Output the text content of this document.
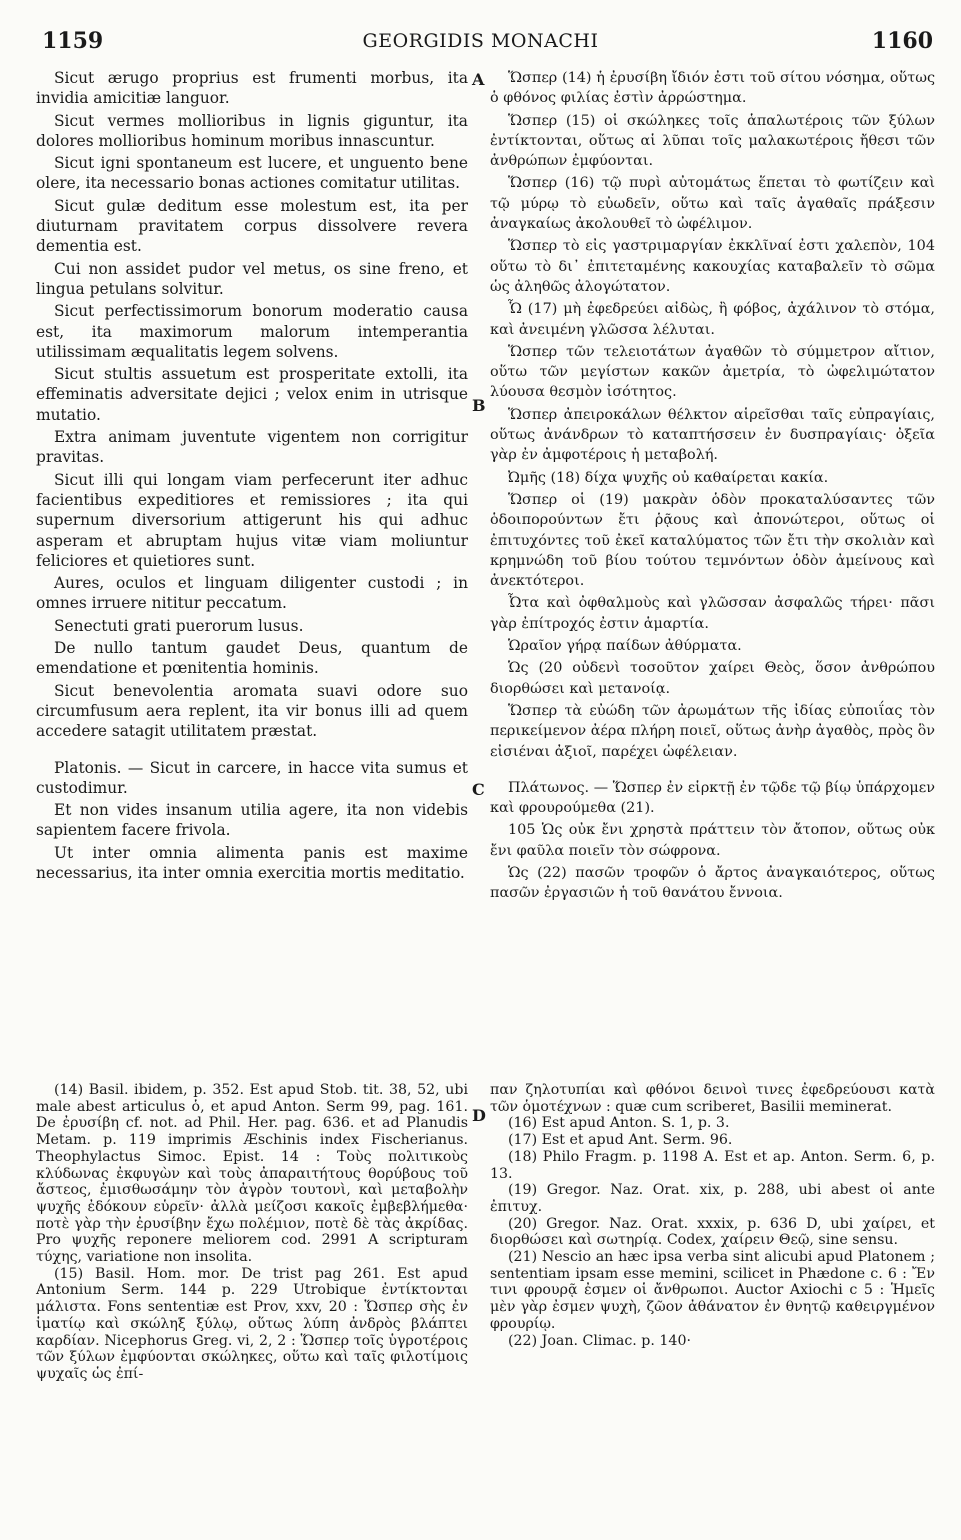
1159	GEORGIDIS MONACHI	1160
A
B
C
D

Sicut ærugo proprius est frumenti morbus, ita invidia amicitiæ languor.

Sicut vermes mollioribus in lignis giguntur, ita dolores mollioribus hominum moribus innascuntur.

Sicut igni spontaneum est lucere, et unguento bene olere, ita necessario bonas actiones comitatur utilitas.

Sicut gulæ deditum esse molestum est, ita per diuturnam pravitatem corpus dissolvere revera dementia est.

Cui non assidet pudor vel metus, os sine freno, et lingua petulans solvitur.

Sicut perfectissimorum bonorum moderatio causa est, ita maximorum malorum intemperantia utilissimam æqualitatis legem solvens.

Sicut stultis assuetum est prosperitate extolli, ita effeminatis adversitate dejici ; velox enim in utrisque mutatio.

Extra animam juventute vigentem non corrigitur pravitas.

Sicut illi qui longam viam perfecerunt iter adhuc facientibus expeditiores et remissiores ; ita qui supernum diversorium attigerunt his qui adhuc asperam et abruptam hujus vitæ viam moliuntur feliciores et quietiores sunt.

Aures, oculos et linguam diligenter custodi ; in omnes irruere nititur peccatum.

Senectuti grati puerorum lusus.

De nullo tantum gaudet Deus, quantum de emendatione et pœnitentia hominis.

Sicut benevolentia aromata suavi odore suo circumfusum aera replent, ita vir bonus illi ad quem accedere satagit utilitatem præstat.

Platonis. — Sicut in carcere, in hacce vita sumus et custodimur.

Et non vides insanum utilia agere, ita non videbis sapientem facere frivola.

Ut inter omnia alimenta panis est maxime necessarius, ita inter omnia exercitia mortis meditatio.

Ὥσπερ (14) ἡ ἐρυσίβη ἴδιόν ἐστι τοῦ σίτου νόσημα, οὕτως ὁ φθόνος φιλίας ἐστὶν ἀρρώστημα.

Ὥσπερ (15) οἱ σκώληκες τοῖς ἁπαλωτέροις τῶν ξύλων ἐντίκτονται, οὕτως αἱ λῦπαι τοῖς μαλακωτέροις ἤθεσι τῶν ἀνθρώπων ἐμφύονται.

Ὥσπερ (16) τῷ πυρὶ αὐτομάτως ἕπεται τὸ φωτίζειν καὶ τῷ μύρῳ τὸ εὐωδεῖν, οὕτω καὶ ταῖς ἀγαθαῖς πράξεσιν ἀναγκαίως ἀκολουθεῖ τὸ ὠφέλιμον.

Ὥσπερ τὸ εἰς γαστριμαργίαν ἐκκλῖναί ἐστι χαλεπὸν, 104 οὕτω τὸ δι᾽ ἐπιτεταμένης κακουχίας καταβαλεῖν τὸ σῶμα ὡς ἀληθῶς ἀλογώτατον.

Ὧ (17) μὴ ἐφεδρεύει αἰδὼς, ἢ φόβος, ἀχάλινον τὸ στόμα, καὶ ἀνειμένη γλῶσσα λέλυται.

Ὥσπερ τῶν τελειοτάτων ἀγαθῶν τὸ σύμμετρον αἴτιον, οὕτω τῶν μεγίστων κακῶν ἀμετρία, τὸ ὠφελιμώτατον λύουσα θεσμὸν ἰσότητος.

Ὥσπερ ἀπειροκάλων θέλκτον αἱρεῖσθαι ταῖς εὐπραγίαις, οὕτως ἀνάνδρων τὸ καταπτήσσειν ἐν δυσπραγίαις· ὀξεῖα γὰρ ἐν ἀμφοτέροις ἡ μεταβολή.

Ὠμῆς (18) δίχα ψυχῆς οὐ καθαίρεται κακία.

Ὥσπερ οἱ (19) μακρὰν ὁδὸν προκαταλύσαντες τῶν ὁδοιπορούντων ἔτι ῥᾷους καὶ ἀπονώτεροι, οὕτως οἱ ἐπιτυχόντες τοῦ ἐκεῖ καταλύματος τῶν ἔτι τὴν σκολιὰν καὶ κρημνώδη τοῦ βίου τούτου τεμνόντων ὁδὸν ἀμείνους καὶ ἀνεκτότεροι.

Ὦτα καὶ ὀφθαλμοὺς καὶ γλῶσσαν ἀσφαλῶς τήρει· πᾶσι γὰρ ἐπίτροχός ἐστιν ἁμαρτία.

Ὡραῖον γήρᾳ παίδων ἀθύρματα.

Ὡς (20 οὐδενὶ τοσοῦτον χαίρει Θεὸς, ὅσον ἀνθρώπου διορθώσει καὶ μετανοίᾳ.

Ὥσπερ τὰ εὐώδη τῶν ἀρωμάτων τῆς ἰδίας εὐποιΐας τὸν περικείμενον ἀέρα πλήρη ποιεῖ, οὕτως ἀνὴρ ἀγαθὸς, πρὸς ὃν εἰσιέναι ἀξιοῖ, παρέχει ὠφέλειαν.

Πλάτωνος. — Ὥσπερ ἐν εἱρκτῇ ἐν τῷδε τῷ βίῳ ὑπάρχομεν καὶ φρουρούμεθα (21).

105 Ὡς οὐκ ἔνι χρηστὰ πράττειν τὸν ἄτοπον, οὕτως οὐκ ἔνι φαῦλα ποιεῖν τὸν σώφρονα.

Ὡς (22) πασῶν τροφῶν ὁ ἄρτος ἀναγκαιότερος, οὕτως πασῶν ἐργασιῶν ἡ τοῦ θανάτου ἔννοια.

(14) Basil. ibidem, p. 352. Est apud Stob. tit. 38, 52, ubi male abest articulus ὁ, et apud Anton. Serm 99, pag. 161. De ἐρυσίβη cf. not. ad Phil. Her. pag. 636. et ad Planudis Metam. p. 119 imprimis Æschinis index Fischerianus. Theophylactus Simoc. Epist. 14 : Τοὺς πολιτικοὺς κλύδωνας ἐκφυγὼν καὶ τοὺς ἀπαραιτήτους θορύβους τοῦ ἄστεος, ἐμισθωσάμην τὸν ἀγρὸν τουτονὶ, καὶ μεταβολὴν ψυχῆς ἐδόκουν εὑρεῖν· ἀλλὰ μείζοσι κακοῖς ἐμβεβλήμεθα· ποτὲ γὰρ τὴν ἐρυσίβην ἔχω πολέμιον, ποτὲ δὲ τὰς ἀκρίδας. Pro ψυχῆς reponere meliorem cod. 2991 A scripturam τύχης, variatione non insolita.

(15) Basil. Hom. mor. De trist pag 261. Est apud Antonium Serm. 144 p. 229 Utrobique ἐντίκτονται μάλιστα. Fons sententiæ est Prov, xxv, 20 : Ὥσπερ σὴς ἐν ἱματίῳ καὶ σκώληξ ξύλῳ, οὕτως λύπη ἀνδρὸς βλάπτει καρδίαν. Nicephorus Greg. vi, 2, 2 : Ὥσπερ τοῖς ὑγροτέροις τῶν ξύλων ἐμφύονται σκώληκες, οὕτω καὶ ταῖς φιλοτίμοις ψυχαῖς ὡς ἐπί-

παν ζηλοτυπίαι καὶ φθόνοι δεινοὶ τινες ἐφεδρεύουσι κατὰ τῶν ὁμοτέχνων : quæ cum scriberet, Basilii meminerat.

(16) Est apud Anton. S. 1, p. 3.

(17) Est et apud Ant. Serm. 96.

(18) Philo Fragm. p. 1198 A. Est et ap. Anton. Serm. 6, p. 13.

(19) Gregor. Naz. Orat. xix, p. 288, ubi abest οἱ ante ἐπιτυχ.

(20) Gregor. Naz. Orat. xxxix, p. 636 D, ubi χαίρει, et διορθώσει καὶ σωτηρίᾳ. Codex, χαίρειν Θεῷ, sine sensu.

(21) Nescio an hæc ipsa verba sint alicubi apud Platonem ; sententiam ipsam esse memini, scilicet in Phædone c. 6 : Ἔν τινι φρουρᾷ ἐσμεν οἱ ἄνθρωποι. Auctor Axiochi c 5 : Ἡμεῖς μὲν γὰρ ἐσμεν ψυχὴ, ζῶον ἀθάνατον ἐν θνητῷ καθειργμένον φρουρίῳ.

(22) Joan. Climac. p. 140·
